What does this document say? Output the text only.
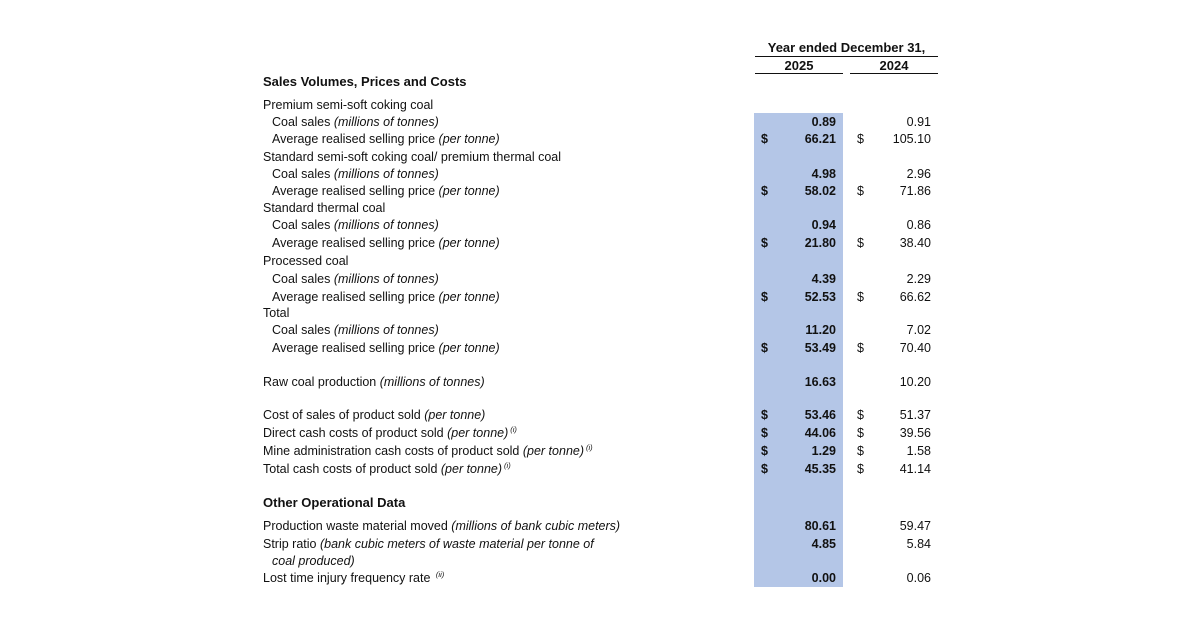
Year ended December 31,
2025	2024
Sales Volumes, Prices and Costs
Premium semi-soft coking coal
Coal sales (millions of tonnes)	0.89	0.91
Average realised selling price (per tonne)	$	66.21 $ 105.10
Standard semi-soft coking coal/ premium thermal coal
Coal sales (millions of tonnes)	4.98	2.96
Average realised selling price (per tonne)	$	58.02 $	71.86
Standard thermal coal
Coal sales (millions of tonnes)	0.94	0.86
Average realised selling price (per tonne)	$	21.80 $	38.40
Processed coal
Coal sales (millions of tonnes)	4.39	2.29
Average realised selling price (per tonne)	$	52.53 $	66.62
Total
Coal sales (millions of tonnes)	11.20	7.02
Average realised selling price (per tonne)	$	53.49 $	70.40
Raw coal production (millions of tonnes)	16.63	10.20
Cost of sales of product sold (per tonne)	$	53.46 $	51.37
Direct cash costs of product sold (per tonne) $^{(i)}$	$	44.06 $	39.56
Mine administration cash costs of product sold (per tonne) $^{(i)}$	$	1.29 $	1.58
Total cash costs of product sold (per tonne) $^{(i)}$	$	45.35 $	41.14
Other Operational Data
Production waste material moved (millions of bank cubic meters)	80.61	59.47
Strip ratio (bank cubic meters of waste material per tonne of	4.85	5.84
coal produced)
Lost time injury frequency rate $^{(ii)}$	0.00	0.06
